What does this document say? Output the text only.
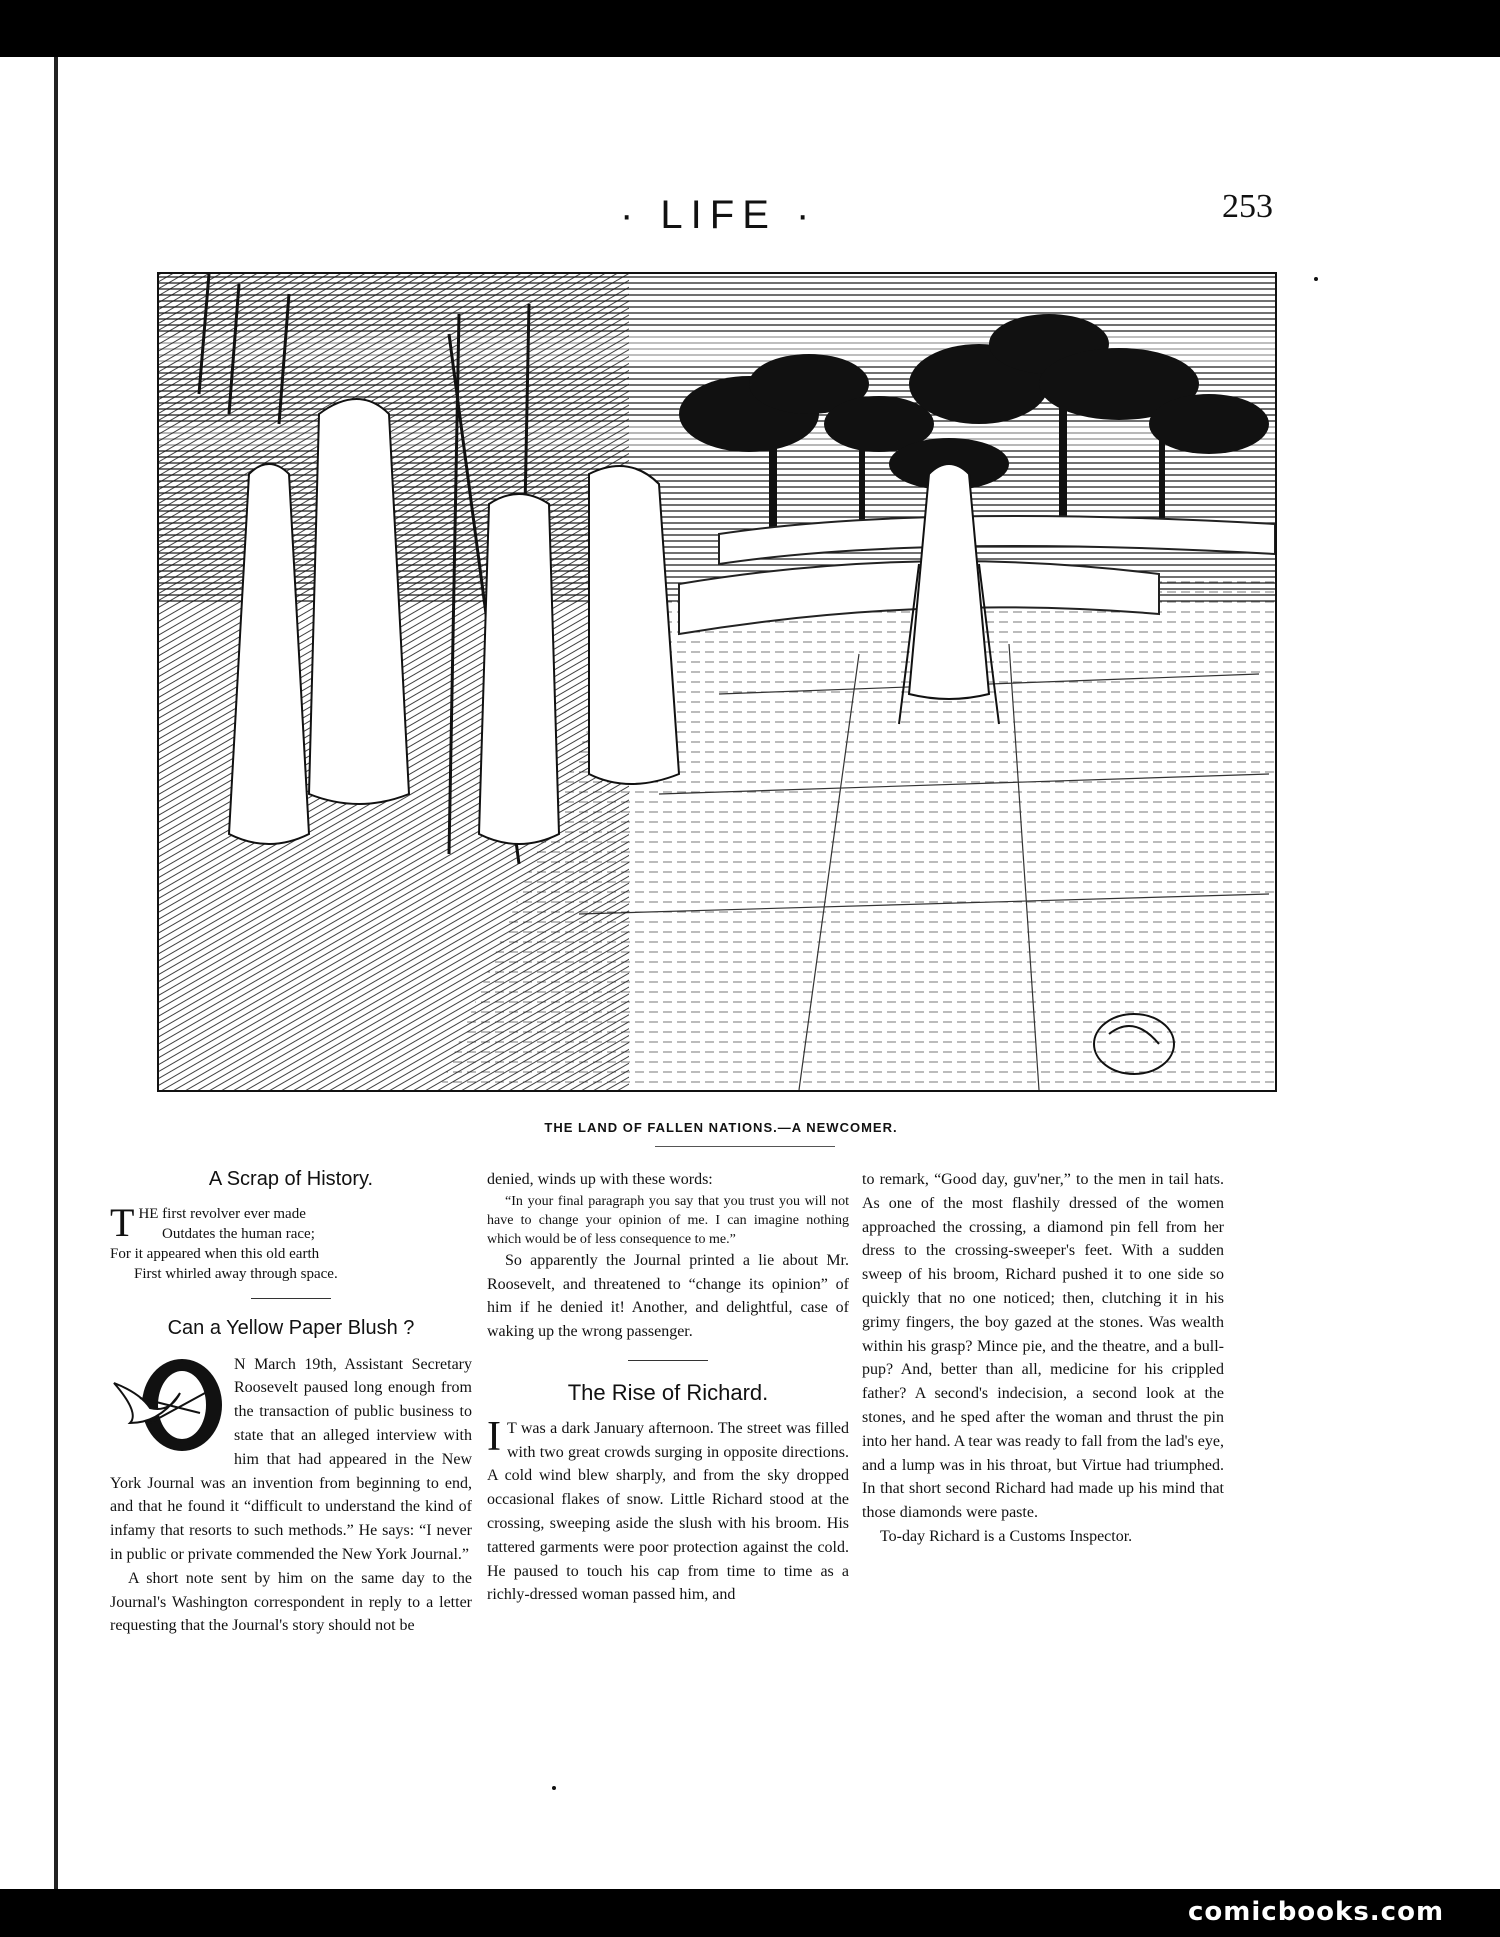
· LIFE ·	253
THE LAND OF FALLEN NATIONS.—A NEWCOMER.

A Scrap of History.

T HE first revolver ever made
Outdates the human race;
For it appeared when this old earth
First whirled away through space.

Can a Yellow Paper Blush ?

N March 19th, Assistant Secretary Roosevelt paused long enough from the transaction of public business to state that an alleged interview with him that had appeared in the New York Journal was an invention from beginning to end, and that he found it “difficult to understand the kind of infamy that resorts to such methods.” He says: “I never in public or private commended the New York Journal.”

A short note sent by him on the same day to the Journal's Washington correspondent in reply to a letter requesting that the Journal's story should not be

denied, winds up with these words:

“In your final paragraph you say that you trust you will not have to change your opinion of me. I can imagine nothing which would be of less consequence to me.”

So apparently the Journal printed a lie about Mr. Roosevelt, and threatened to “change its opinion” of him if he denied it! Another, and delightful, case of waking up the wrong passenger.

The Rise of Richard.

I T was a dark January afternoon. The street was filled with two great crowds surging in opposite directions. A cold wind blew sharply, and from the sky dropped occasional flakes of snow. Little Richard stood at the crossing, sweeping aside the slush with his broom. His tattered garments were poor protection against the cold. He paused to touch his cap from time to time as a richly-dressed woman passed him, and

to remark, “Good day, guv'ner,” to the men in tail hats. As one of the most flashily dressed of the women approached the crossing, a diamond pin fell from her dress to the crossing-sweeper's feet. With a sudden sweep of his broom, Richard pushed it to one side so quickly that no one noticed; then, clutching it in his grimy fingers, the boy gazed at the stones. Was wealth within his grasp? Mince pie, and the theatre, and a bull-pup? And, better than all, medicine for his crippled father? A second's indecision, a second look at the stones, and he sped after the woman and thrust the pin into her hand. A tear was ready to fall from the lad's eye, and a lump was in his throat, but Virtue had triumphed. In that short second Richard had made up his mind that those diamonds were paste.

To-day Richard is a Customs Inspector.

comicbooks.com
